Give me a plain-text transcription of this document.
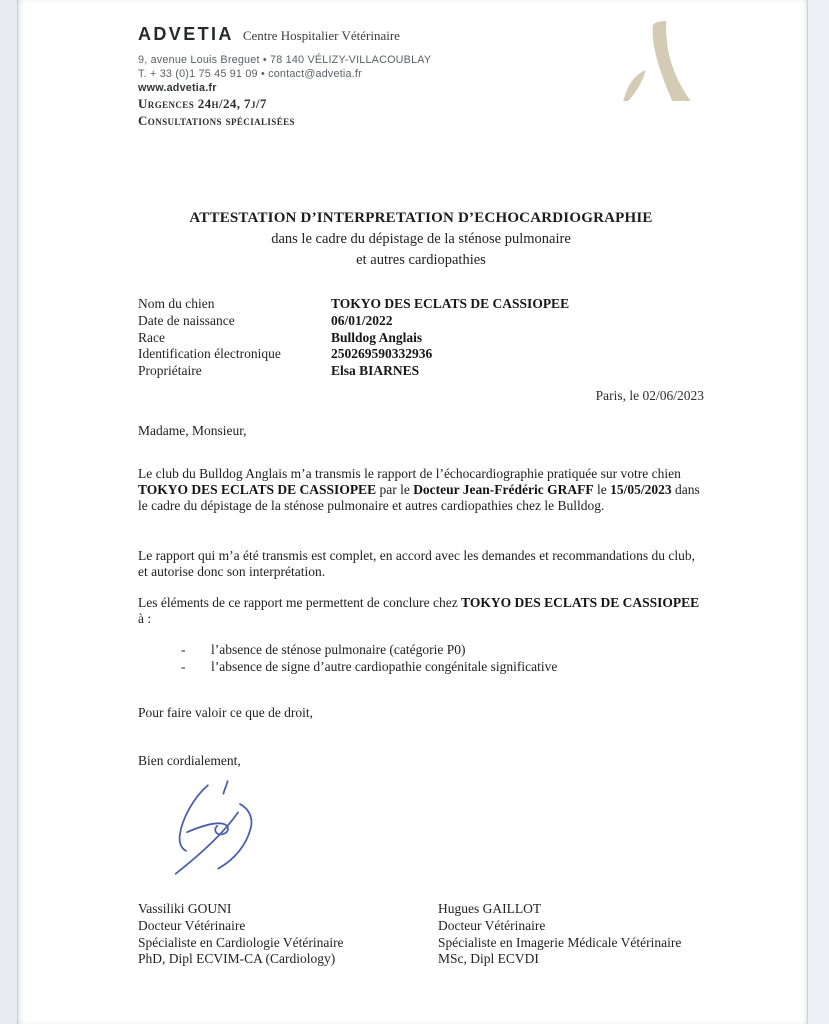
ADVETIA Centre Hospitalier Vétérinaire
9, avenue Louis Breguet • 78 140 VÉLIZY-VILLACOUBLAY
T. + 33 (0)1 75 45 91 09 • contact@advetia.fr
www.advetia.fr
Urgences 24h/24, 7j/7
Consultations spécialisées
ATTESTATION D’INTERPRETATION D’ECHOCARDIOGRAPHIE
dans le cadre du dépistage de la sténose pulmonaire
et autres cardiopathies
Nom du chien	TOKYO DES ECLATS DE CASSIOPEE
Date de naissance	06/01/2022
Race	Bulldog Anglais
Identification électronique	250269590332936
Propriétaire	Elsa BIARNES
Paris, le 02/06/2023
Madame, Monsieur,
Le club du Bulldog Anglais m’a transmis le rapport de l’échocardiographie pratiquée sur votre chien TOKYO DES ECLATS DE CASSIOPEE par le Docteur Jean-Frédéric GRAFF le 15/05/2023 dans le cadre du dépistage de la sténose pulmonaire et autres cardiopathies chez le Bulldog.
Le rapport qui m’a été transmis est complet, en accord avec les demandes et recommandations du club, et autorise donc son interprétation.
Les éléments de ce rapport me permettent de conclure chez TOKYO DES ECLATS DE CASSIOPEE à :
-	l’absence de sténose pulmonaire (catégorie P0)
-	l’absence de signe d’autre cardiopathie congénitale significative
Pour faire valoir ce que de droit,
Bien cordialement,
Vassiliki GOUNI
Docteur Vétérinaire
Spécialiste en Cardiologie Vétérinaire
PhD, Dipl ECVIM-CA (Cardiology)
Hugues GAILLOT
Docteur Vétérinaire
Spécialiste en Imagerie Médicale Vétérinaire
MSc, Dipl ECVDI
